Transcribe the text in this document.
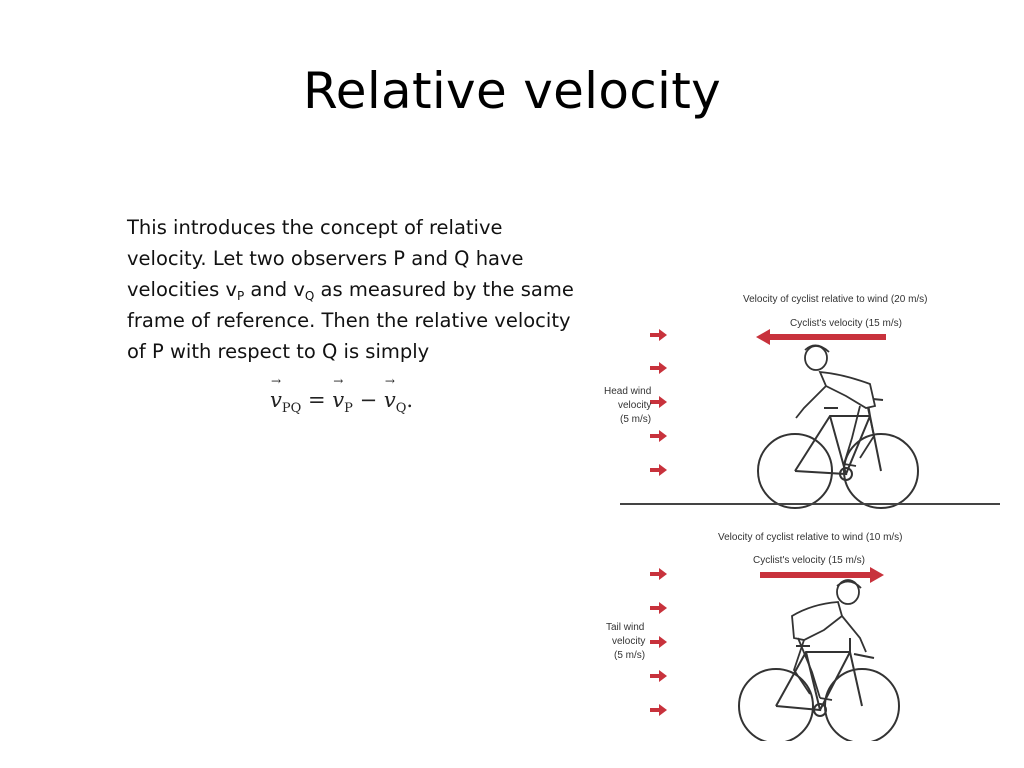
Relative velocity
This introduces the concept of relative velocity. Let two observers P and Q have velocities $v_P$ and $v_Q$ as measured by the same frame of reference. Then the relative velocity of P with respect to Q is simply
→ $v_{PQ}$ = → $v_P$ − → $v_Q$.
Velocity of cyclist relative to wind (20 m/s)
Cyclist's velocity (15 m/s)
Head wind
velocity
(5 m/s)
Velocity of cyclist relative to wind (10 m/s)
Cyclist's velocity (15 m/s)
Tail wind
velocity
(5 m/s)
